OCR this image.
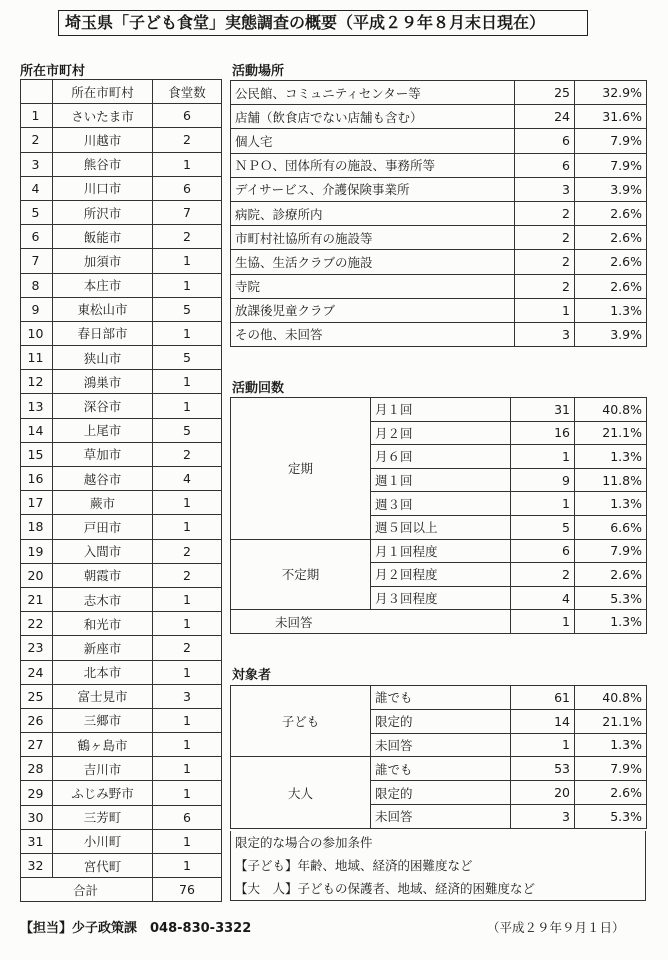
埼玉県「子ども食堂」実態調査の概要（平成２９年８月末日現在）
所在市町村
	所在市町村	食堂数
1	さいたま市	6
2	川越市	2
3	熊谷市	1
4	川口市	6
5	所沢市	7
6	飯能市	2
7	加須市	1
8	本庄市	1
9	東松山市	5
10	春日部市	1
11	狭山市	5
12	鴻巣市	1
13	深谷市	1
14	上尾市	5
15	草加市	2
16	越谷市	4
17	蕨市	1
18	戸田市	1
19	入間市	2
20	朝霞市	2
21	志木市	1
22	和光市	1
23	新座市	2
24	北本市	1
25	富士見市	3
26	三郷市	1
27	鶴ヶ島市	1
28	吉川市	1
29	ふじみ野市	1
30	三芳町	6
31	小川町	1
32	宮代町	1
合計		76
活動場所
公民館、コミュニティセンター等	25	32.9%
店舗（飲食店でない店舗も含む）	24	31.6%
個人宅	6	7.9%
ＮＰＯ、団体所有の施設、事務所等	6	7.9%
デイサービス、介護保険事業所	3	3.9%
病院、診療所内	2	2.6%
市町村社協所有の施設等	2	2.6%
生協、生活クラブの施設	2	2.6%
寺院	2	2.6%
放課後児童クラブ	1	1.3%
その他、未回答	3	3.9%
活動回数
定期	月１回	31	40.8%
	月２回	16	21.1%
	月６回	1	1.3%
	週１回	9	11.8%
	週３回	1	1.3%
	週５回以上	5	6.6%
不定期	月１回程度	6	7.9%
	月２回程度	2	2.6%
	月３回程度	4	5.3%
未回答		1	1.3%
対象者
子ども	誰でも	61	40.8%
	限定的	14	21.1%
	未回答	1	1.3%
大人	誰でも	53	7.9%
	限定的	20	2.6%
	未回答	3	5.3%
限定的な場合の参加条件
【子ども】年齢、地域、経済的困難度など
【大　人】子どもの保護者、地域、経済的困難度など
【担当】少子政策課　048-830-3322	（平成２９年９月１日）
